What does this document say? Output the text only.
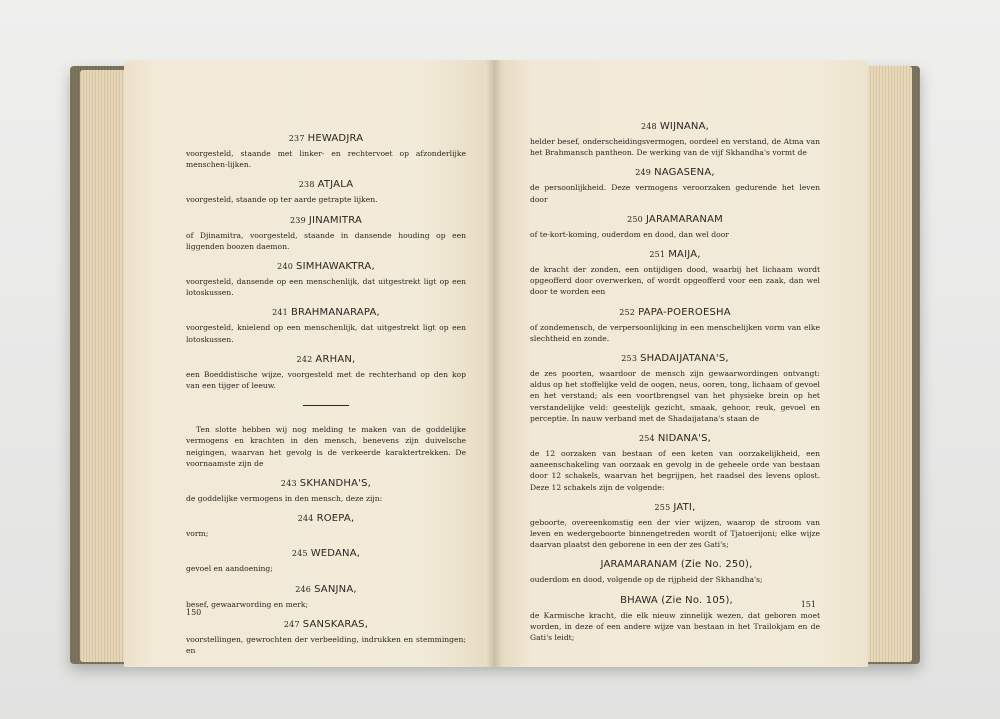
237 HEWADJRA

voorgesteld, staande met linker- en rechtervoet op afzonderlijke menschen-lijken.

238 ATJALA

voorgesteld, staande op ter aarde getrapte lijken.

239 JINAMITRA

of Djinamitra, voorgesteld, staande in dansende houding op een liggenden boozen daemon.

240 SIMHAWAKTRA,

voorgesteld, dansende op een menschenlijk, dat uitgestrekt ligt op een lotoskussen.

241 BRAHMANARAPA,

voorgesteld, knielend op een menschenlijk, dat uitgestrekt ligt op een lotoskussen.

242 ARHAN,

een Boeddistische wijze, voorgesteld met de rechterhand op den kop van een tijger of leeuw.

Ten slotte hebben wij nog melding te maken van de goddelijke vermogens en krachten in den mensch, benevens zijn duivelsche neigingen, waarvan het gevolg is de verkeerde karaktertrekken. De voornaamste zijn de

243 SKHANDHA'S,

de goddelijke vermogens in den mensch, deze zijn:

244 ROEPA,

vorm;

245 WEDANA,

gevoel en aandoening;

246 SANJNA,

besef, gewaarwording en merk;

247 SANSKARAS,

voorstellingen, gewrochten der verbeelding, indrukken en stemmingen; en

150
248 WIJNANA,

helder besef, onderscheidingsvermogen, oordeel en verstand, de Atma van het Brahmansch pantheon. De werking van de vijf Skhandha's vormt de

249 NAGASENA,

de persoonlijkheid. Deze vermogens veroorzaken gedurende het leven door

250 JARAMARANAM

of te-kort-koming, ouderdom en dood, dan wel door

251 MAIJA,

de kracht der zonden, een ontijdigen dood, waarbij het lichaam wordt opgeofferd door overwerken, of wordt opgeofferd voor een zaak, dan wel door te worden een

252 PAPA-POEROESHA

of zondemensch, de verpersoonlijking in een menschelijken vorm van elke slechtheid en zonde.

253 SHADAIJATANA'S,

de zes poorten, waardoor de mensch zijn gewaarwordingen ontvangt: aldus op het stoffelijke veld de oogen, neus, ooren, tong, lichaam of gevoel en het verstand; als een voortbrengsel van het physieke brein op het verstandelijke veld: geestelijk gezicht, smaak, gehoor, reuk, gevoel en perceptie. In nauw verband met de Shadaijatana's staan de

254 NIDANA'S,

de 12 oorzaken van bestaan of een keten van oorzakelijkheid, een aaneenschakeling van oorzaak en gevolg in de geheele orde van bestaan door 12 schakels, waarvan het begrijpen, het raadsel des levens oplost. Deze 12 schakels zijn de volgende:

255 JATI,

geboorte, overeenkomstig een der vier wijzen, waarop de stroom van leven en wedergeboorte binnengetreden wordt of Tjatoerijoni; elke wijze daarvan plaatst den geborene in een der zes Gati's;

JARAMARANAM (Zie No. 250),

ouderdom en dood, volgende op de rijpheid der Skhandha's;

BHAWA (Zie No. 105),

de Karmische kracht, die elk nieuw zinnelijk wezen, dat geboren moet worden, in deze of een andere wijze van bestaan in het Trailokjam en de Gati's leidt;

151
